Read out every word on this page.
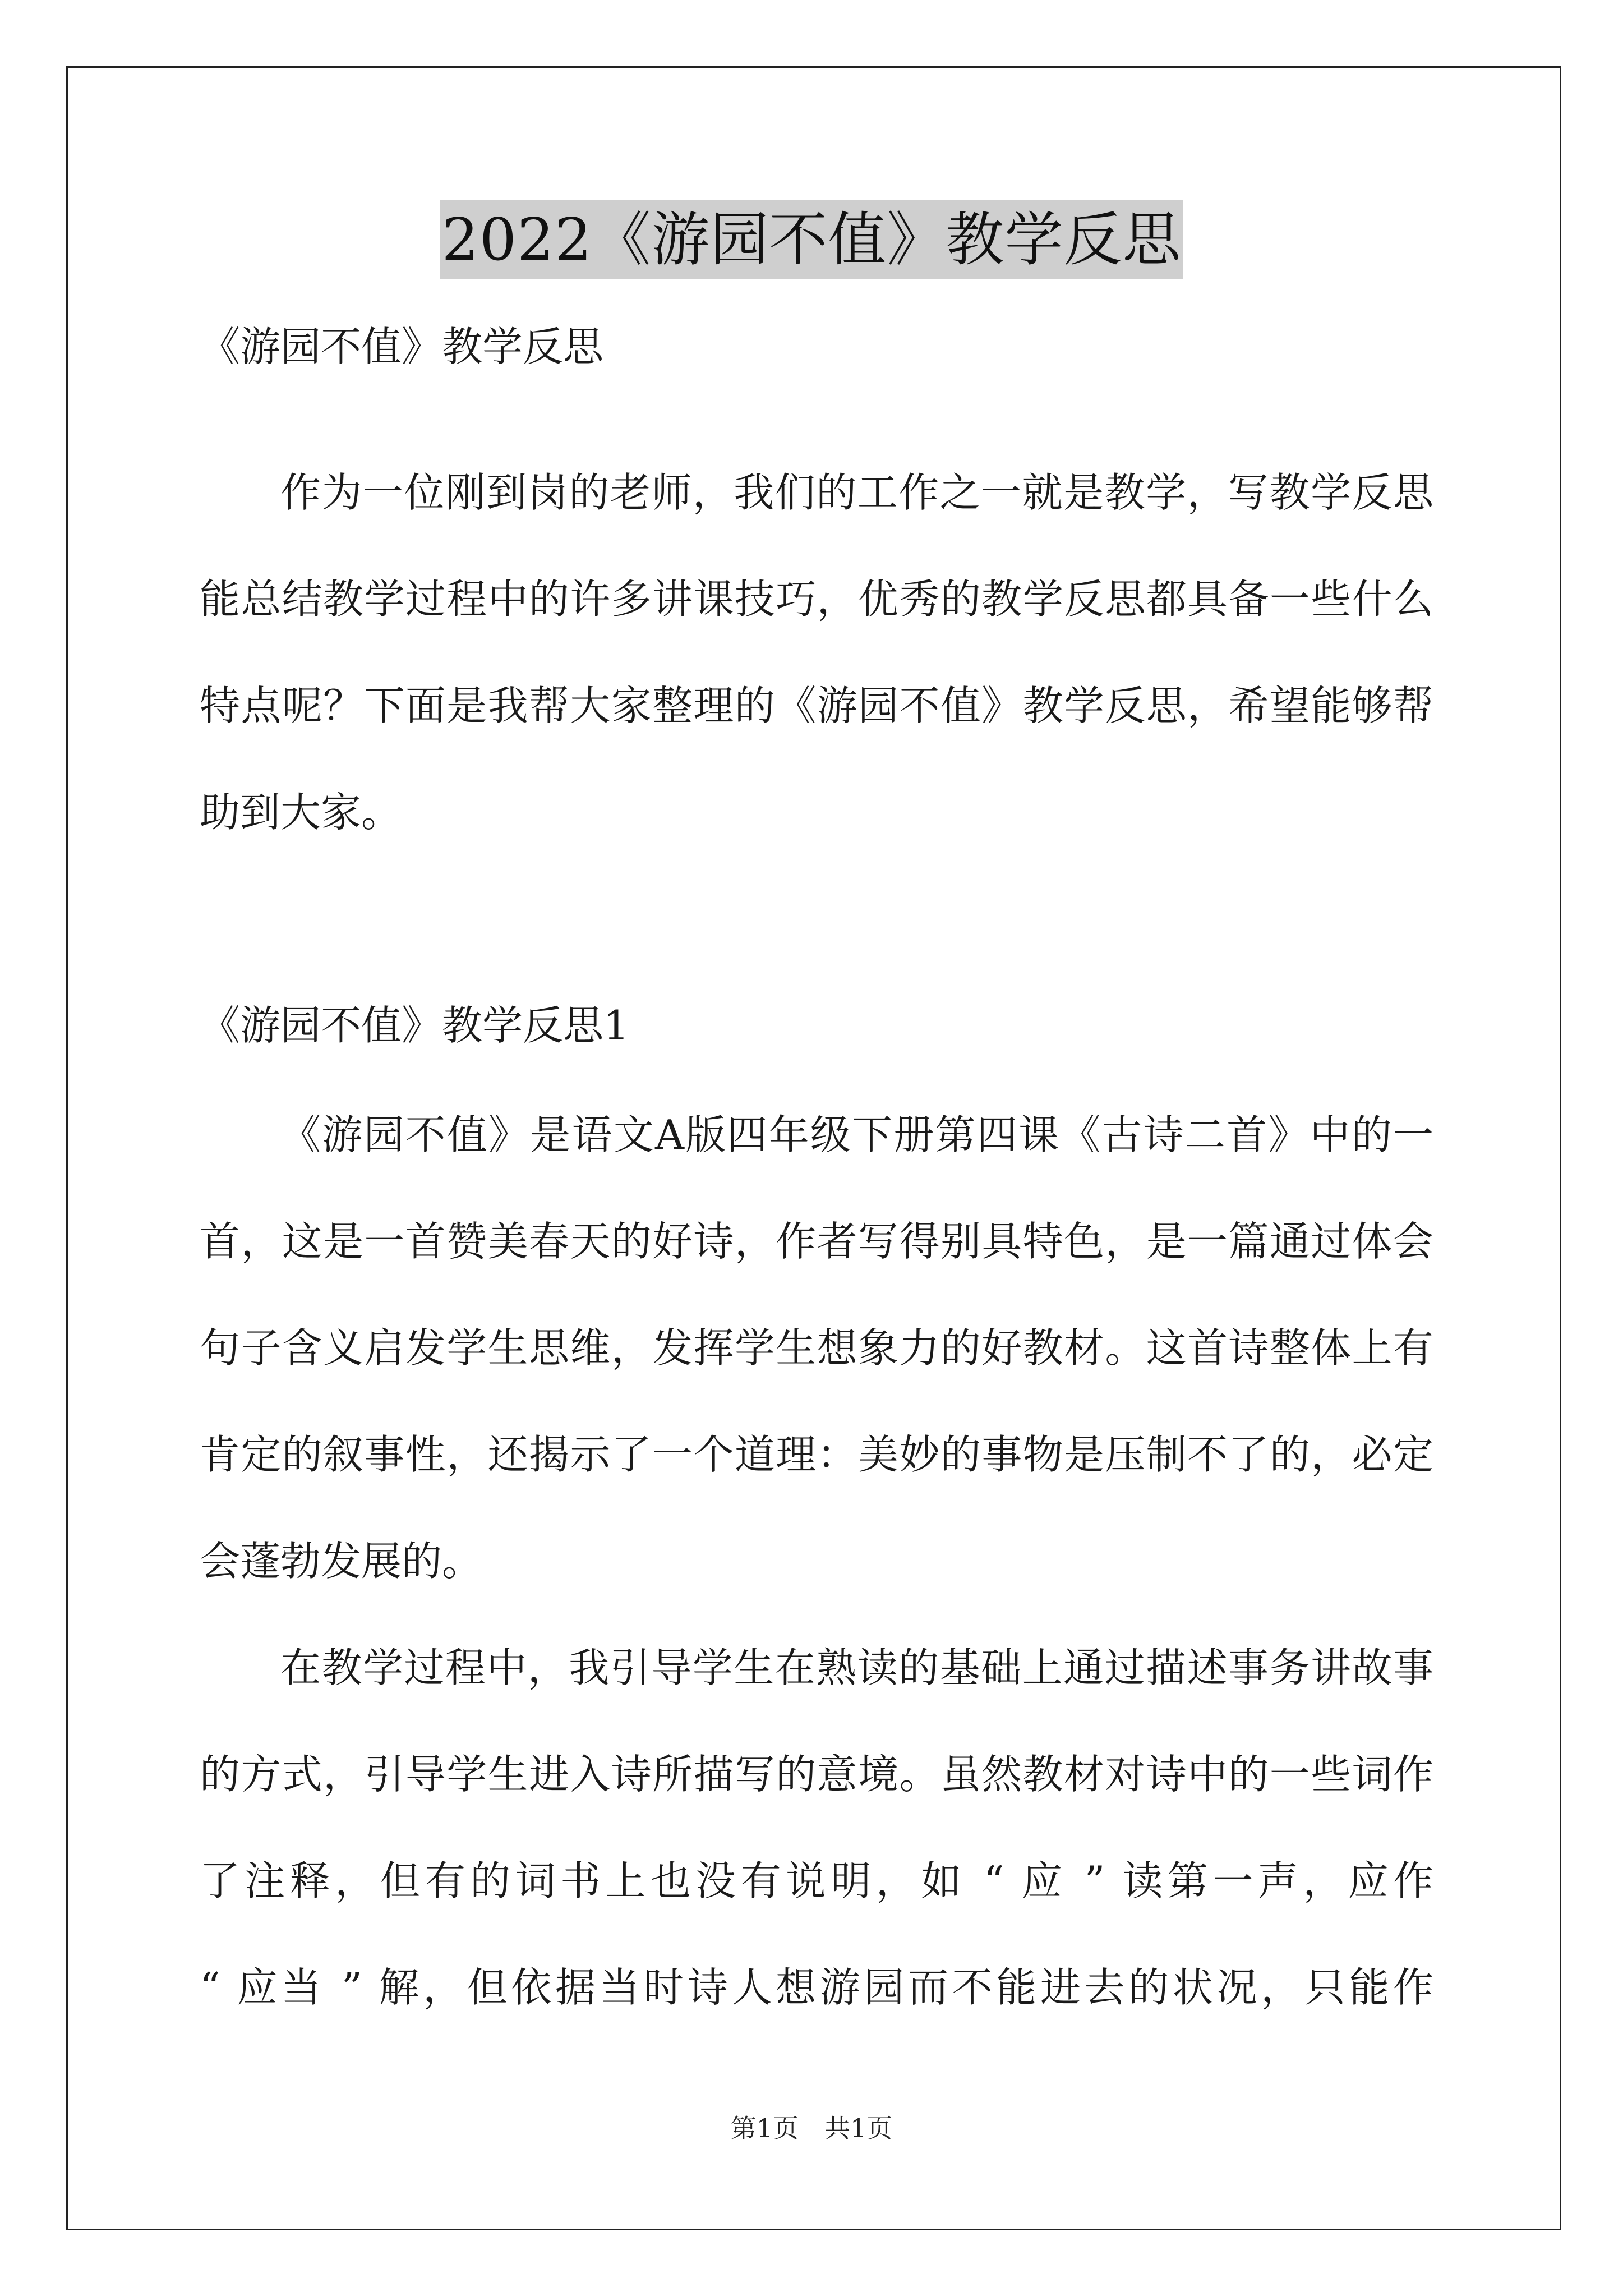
2022《游园不值》教学反思
《游园不值》教学反思
作为一位刚到岗的老师，我们的工作之一就是教学，写教学反思
能总结教学过程中的许多讲课技巧，优秀的教学反思都具备一些什么
特点呢？下面是我帮大家整理的《游园不值》教学反思，希望能够帮
助到大家。
《游园不值》教学反思1
《游园不值》是语文A版四年级下册第四课《古诗二首》中的一
首，这是一首赞美春天的好诗，作者写得别具特色，是一篇通过体会
句子含义启发学生思维，发挥学生想象力的好教材。这首诗整体上有
肯定的叙事性，还揭示了一个道理：美妙的事物是压制不了的，必定
会蓬勃发展的。
在教学过程中，我引导学生在熟读的基础上通过描述事务讲故事
的方式，引导学生进入诗所描写的意境。虽然教材对诗中的一些词作
了注释，但有的词书上也没有说明，如 “ 应 ” 读第一声，应作
“ 应当 ” 解，但依据当时诗人想游园而不能进去的状况，只能作
第1页　共1页
